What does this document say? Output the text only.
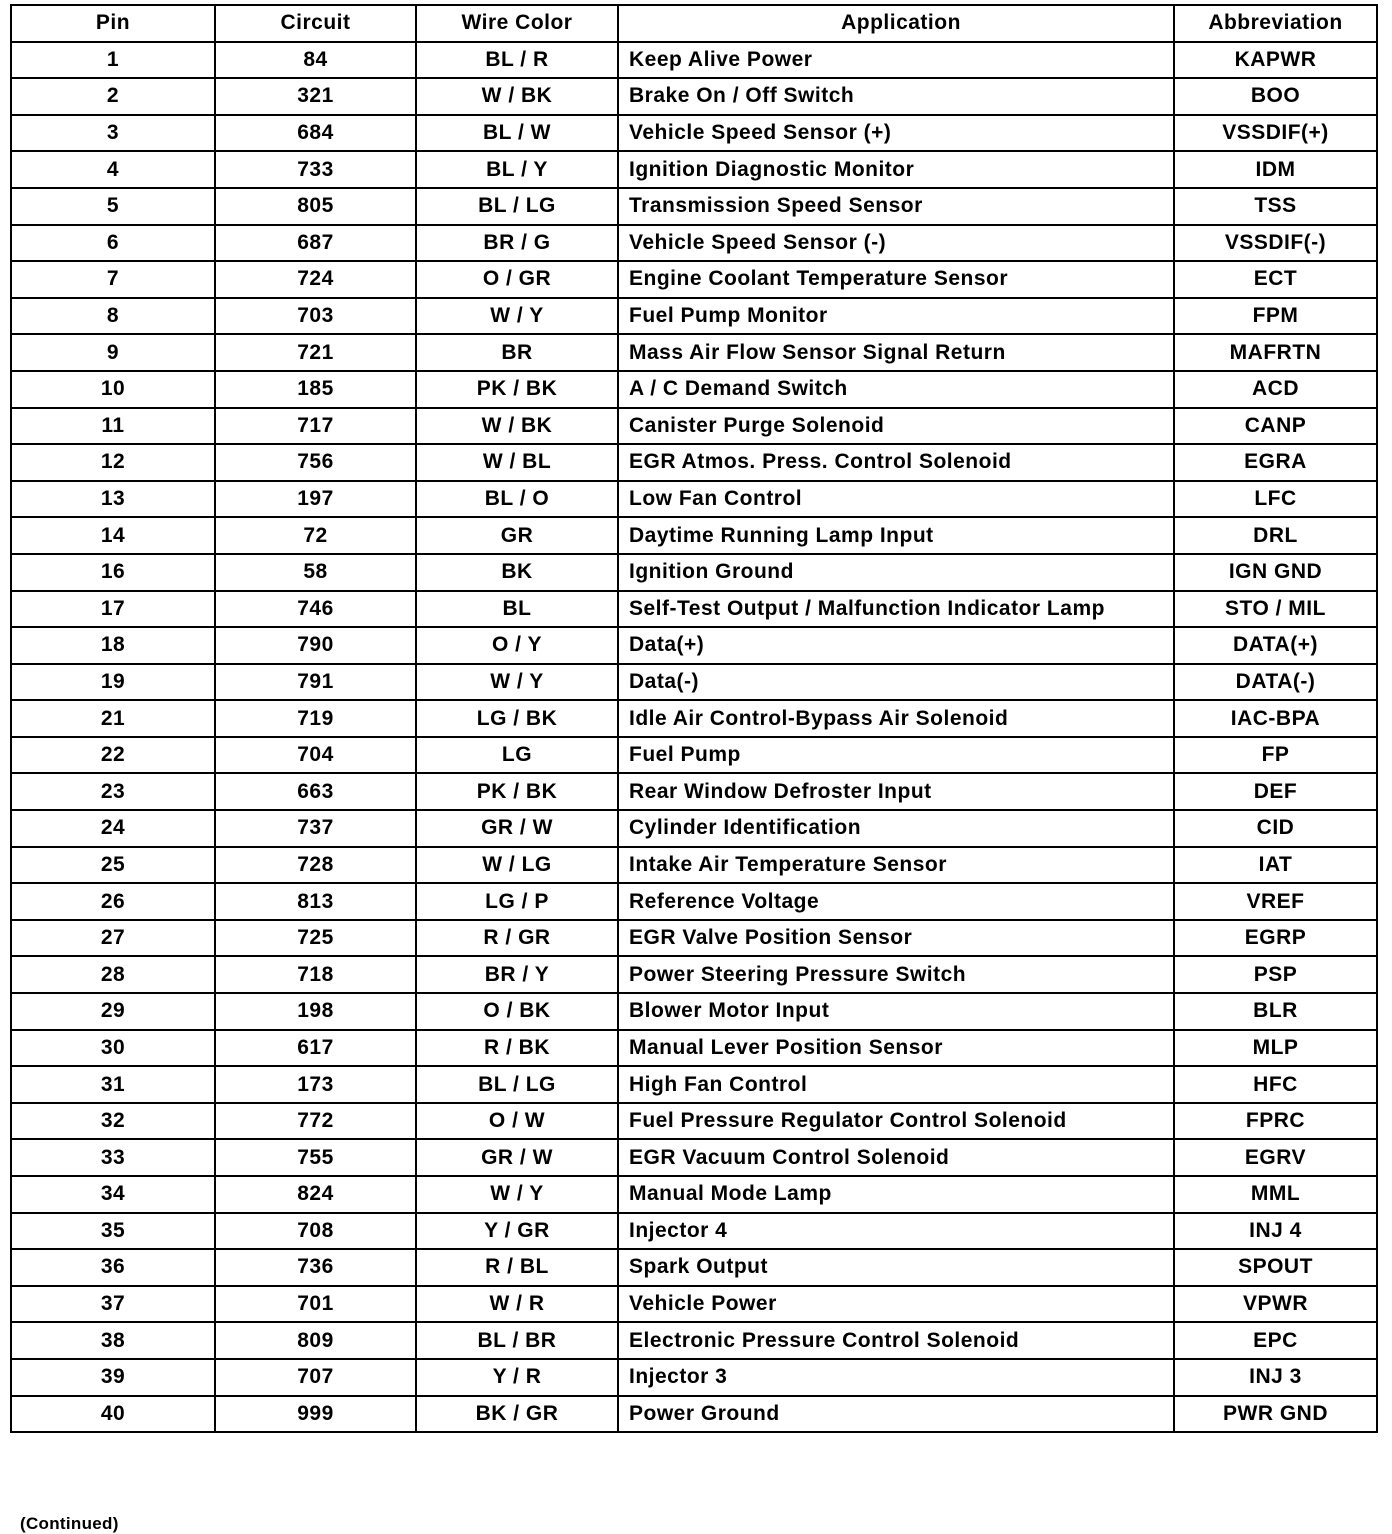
Pin	Circuit	Wire Color	Application	Abbreviation
1	84	BL / R	Keep Alive Power	KAPWR
2	321	W / BK	Brake On / Off Switch	BOO
3	684	BL / W	Vehicle Speed Sensor (+)	VSSDIF(+)
4	733	BL / Y	Ignition Diagnostic Monitor	IDM
5	805	BL / LG	Transmission Speed Sensor	TSS
6	687	BR / G	Vehicle Speed Sensor (-)	VSSDIF(-)
7	724	O / GR	Engine Coolant Temperature Sensor	ECT
8	703	W / Y	Fuel Pump Monitor	FPM
9	721	BR	Mass Air Flow Sensor Signal Return	MAFRTN
10	185	PK / BK	A / C Demand Switch	ACD
11	717	W / BK	Canister Purge Solenoid	CANP
12	756	W / BL	EGR Atmos. Press. Control Solenoid	EGRA
13	197	BL / O	Low Fan Control	LFC
14	72	GR	Daytime Running Lamp Input	DRL
16	58	BK	Ignition Ground	IGN GND
17	746	BL	Self-Test Output / Malfunction Indicator Lamp	STO / MIL
18	790	O / Y	Data(+)	DATA(+)
19	791	W / Y	Data(-)	DATA(-)
21	719	LG / BK	Idle Air Control-Bypass Air Solenoid	IAC-BPA
22	704	LG	Fuel Pump	FP
23	663	PK / BK	Rear Window Defroster Input	DEF
24	737	GR / W	Cylinder Identification	CID
25	728	W / LG	Intake Air Temperature Sensor	IAT
26	813	LG / P	Reference Voltage	VREF
27	725	R / GR	EGR Valve Position Sensor	EGRP
28	718	BR / Y	Power Steering Pressure Switch	PSP
29	198	O / BK	Blower Motor Input	BLR
30	617	R / BK	Manual Lever Position Sensor	MLP
31	173	BL / LG	High Fan Control	HFC
32	772	O / W	Fuel Pressure Regulator Control Solenoid	FPRC
33	755	GR / W	EGR Vacuum Control Solenoid	EGRV
34	824	W / Y	Manual Mode Lamp	MML
35	708	Y / GR	Injector 4	INJ 4
36	736	R / BL	Spark Output	SPOUT
37	701	W / R	Vehicle Power	VPWR
38	809	BL / BR	Electronic Pressure Control Solenoid	EPC
39	707	Y / R	Injector 3	INJ 3
40	999	BK / GR	Power Ground	PWR GND
(Continued)
